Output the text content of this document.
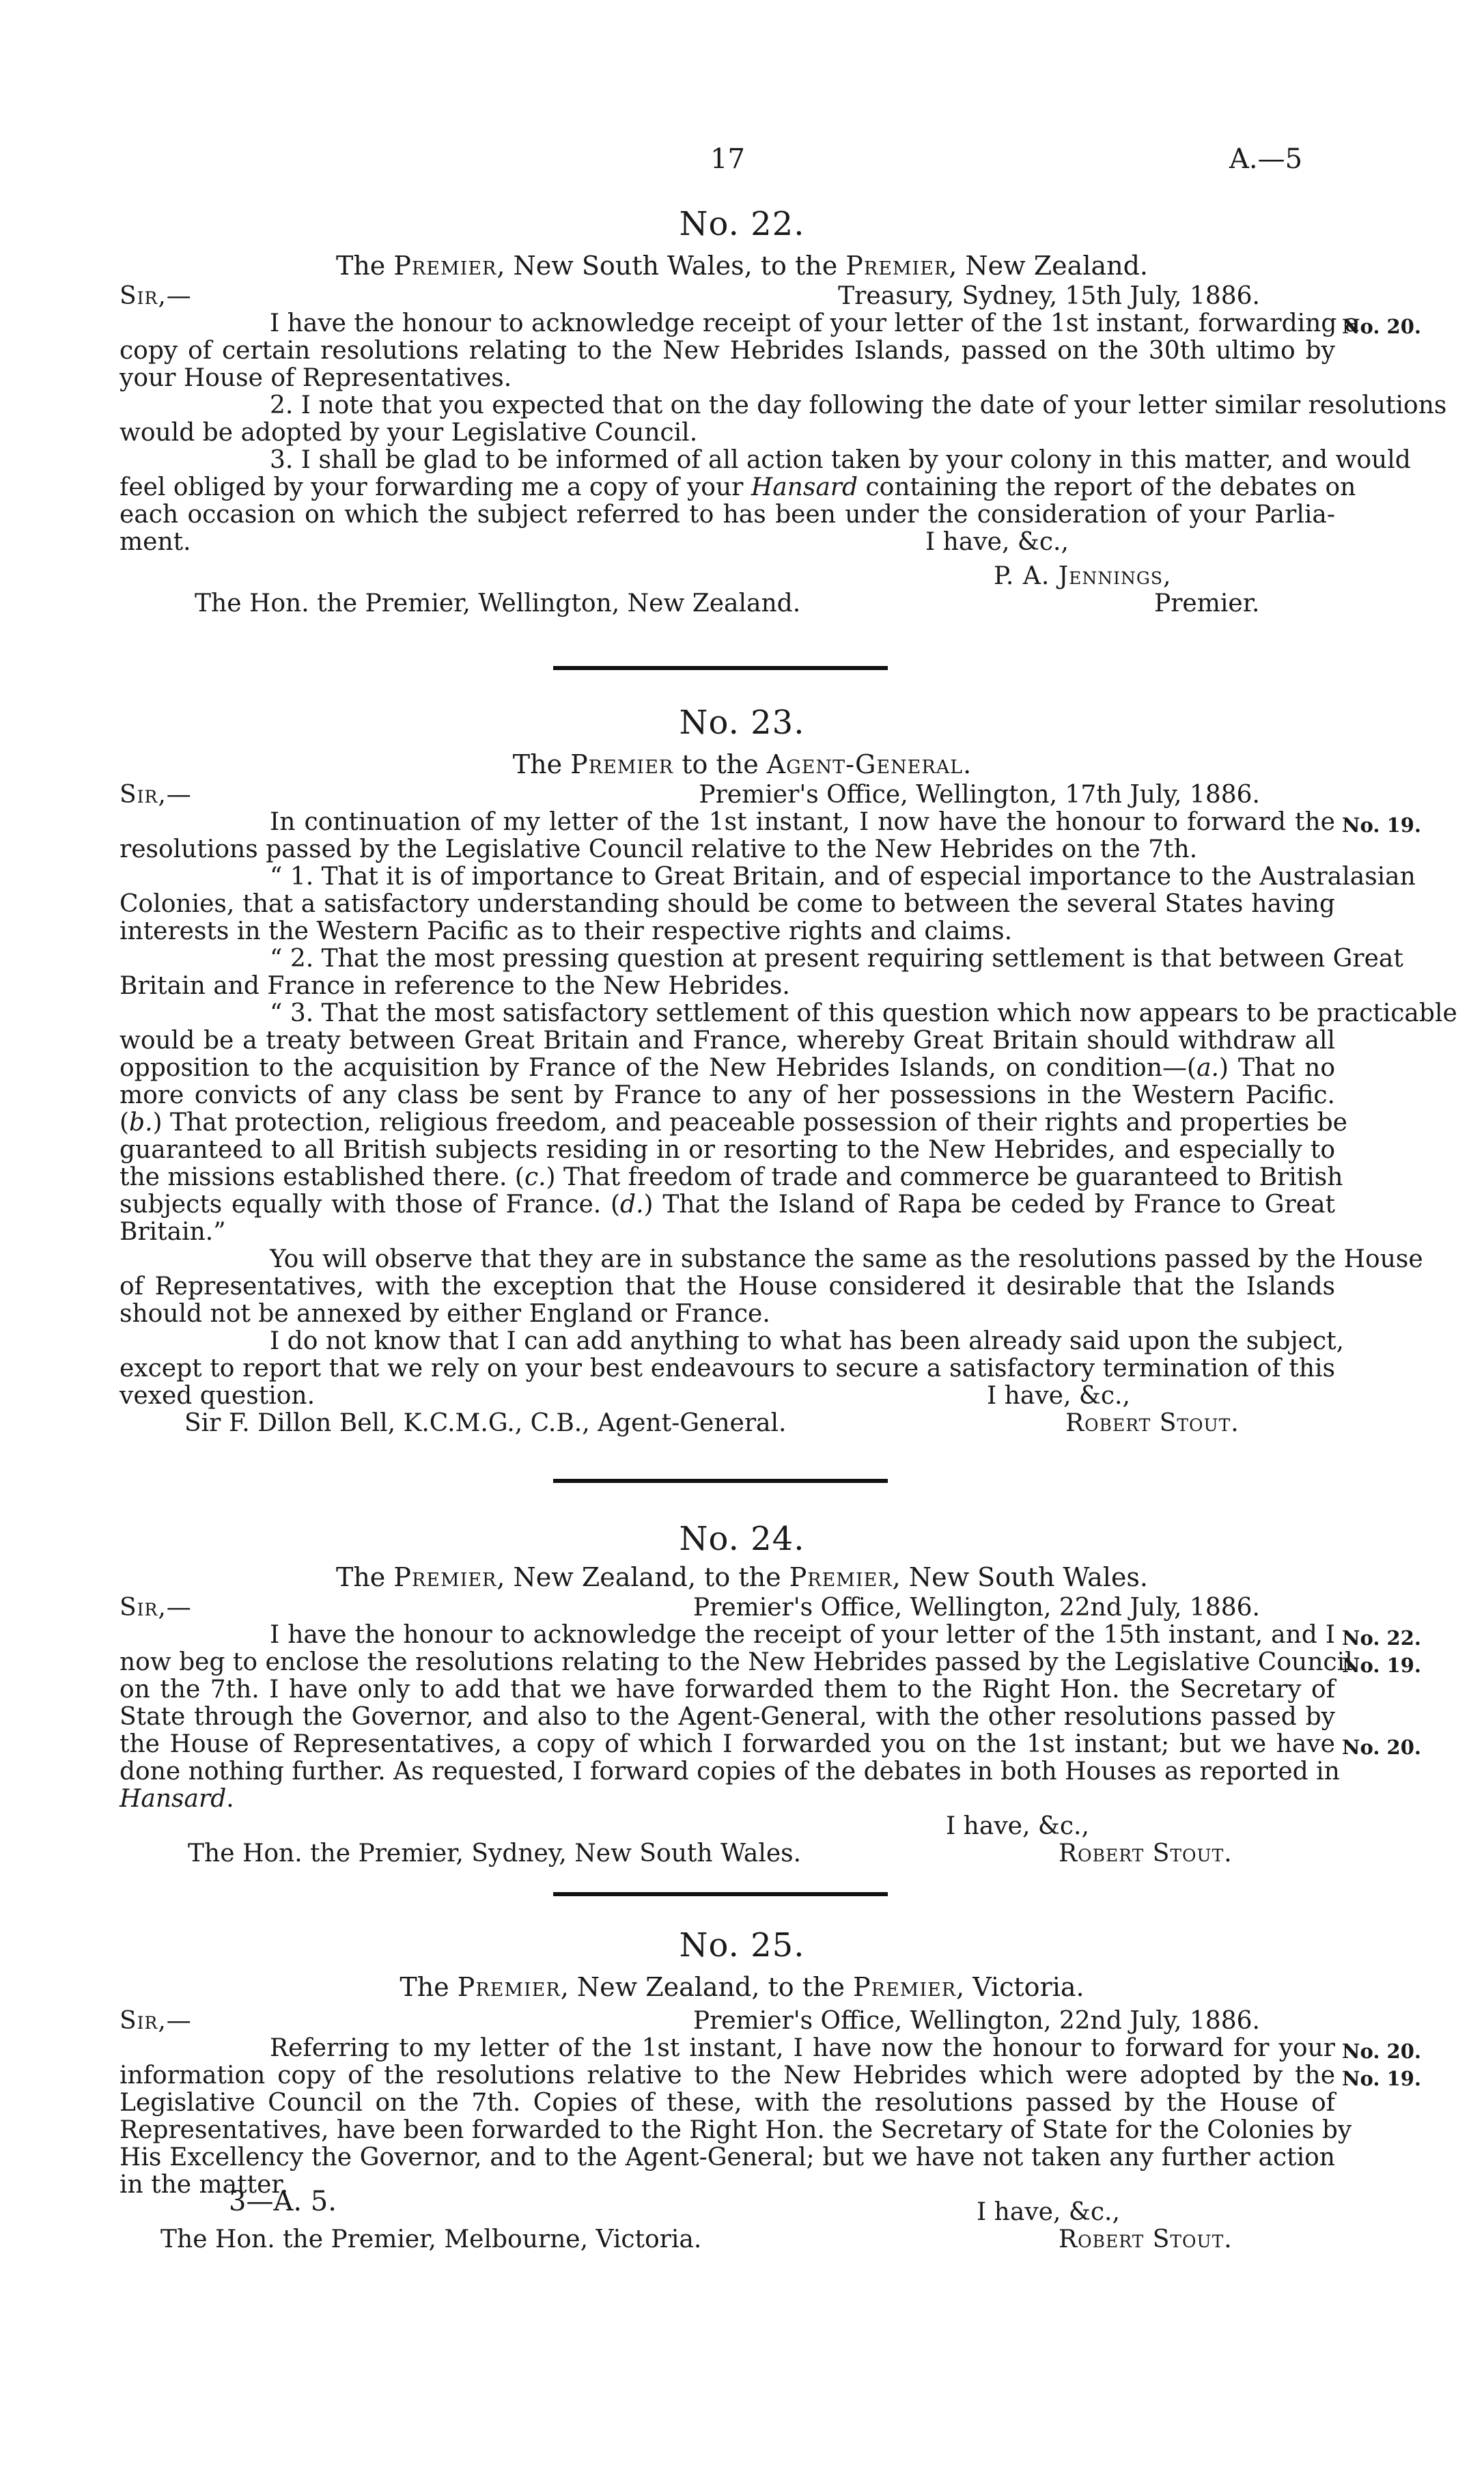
17	A.—5
3—A. 5.
No. 22.
The Premier, New South Wales, to the Premier, New Zealand.
Sir,—	Treasury, Sydney, 15th July, 1886.
I have the honour to acknowledge receipt of your letter of the 1st instant, forwarding a
copy of certain resolutions relating to the New Hebrides Islands, passed on the 30th ultimo by
your House of Representatives.
2. I note that you expected that on the day following the date of your letter similar resolutions
would be adopted by your Legislative Council.
3. I shall be glad to be informed of all action taken by your colony in this matter, and would
feel obliged by your forwarding me a copy of your Hansard containing the report of the debates on
each occasion on which the subject referred to has been under the consideration of your Parlia-
ment.
No. 20.
I have, &c.,
The Hon. the Premier, Wellington, New Zealand.
P. A. Jennings,
Premier.
No. 23.
The Premier to the Agent-General.
Sir,—	Premier's Office, Wellington, 17th July, 1886.
In continuation of my letter of the 1st instant, I now have the honour to forward the
resolutions passed by the Legislative Council relative to the New Hebrides on the 7th.
“ 1. That it is of importance to Great Britain, and of especial importance to the Australasian
Colonies, that a satisfactory understanding should be come to between the several States having
interests in the Western Pacific as to their respective rights and claims.
“ 2. That the most pressing question at present requiring settlement is that between Great
Britain and France in reference to the New Hebrides.
“ 3. That the most satisfactory settlement of this question which now appears to be practicable
would be a treaty between Great Britain and France, whereby Great Britain should withdraw all
opposition to the acquisition by France of the New Hebrides Islands, on condition—(a.) That no
more convicts of any class be sent by France to any of her possessions in the Western Pacific.
(b.) That protection, religious freedom, and peaceable possession of their rights and properties be
guaranteed to all British subjects residing in or resorting to the New Hebrides, and especially to
the missions established there. (c.) That freedom of trade and commerce be guaranteed to British
subjects equally with those of France. (d.) That the Island of Rapa be ceded by France to Great
Britain.”
You will observe that they are in substance the same as the resolutions passed by the House
of Representatives, with the exception that the House considered it desirable that the Islands
should not be annexed by either England or France.
I do not know that I can add anything to what has been already said upon the subject,
except to report that we rely on your best endeavours to secure a satisfactory termination of this
vexed question.
No. 19.
I have, &c.,
Sir F. Dillon Bell, K.C.M.G., C.B., Agent-General.	Robert Stout.
No. 24.
The Premier, New Zealand, to the Premier, New South Wales.
Sir,—	Premier's Office, Wellington, 22nd July, 1886.
I have the honour to acknowledge the receipt of your letter of the 15th instant, and I
now beg to enclose the resolutions relating to the New Hebrides passed by the Legislative Council
on the 7th. I have only to add that we have forwarded them to the Right Hon. the Secretary of
State through the Governor, and also to the Agent-General, with the other resolutions passed by
the House of Representatives, a copy of which I forwarded you on the 1st instant; but we have
done nothing further. As requested, I forward copies of the debates in both Houses as reported in
Hansard.
No. 22.
No. 19.
No. 20.
I have, &c.,
The Hon. the Premier, Sydney, New South Wales.	Robert Stout.
No. 25.
The Premier, New Zealand, to the Premier, Victoria.
Sir,—	Premier's Office, Wellington, 22nd July, 1886.
Referring to my letter of the 1st instant, I have now the honour to forward for your
information copy of the resolutions relative to the New Hebrides which were adopted by the
Legislative Council on the 7th. Copies of these, with the resolutions passed by the House of
Representatives, have been forwarded to the Right Hon. the Secretary of State for the Colonies by
His Excellency the Governor, and to the Agent-General; but we have not taken any further action
in the matter.
No. 20.
No. 19.
I have, &c.,
The Hon. the Premier, Melbourne, Victoria.	Robert Stout.
